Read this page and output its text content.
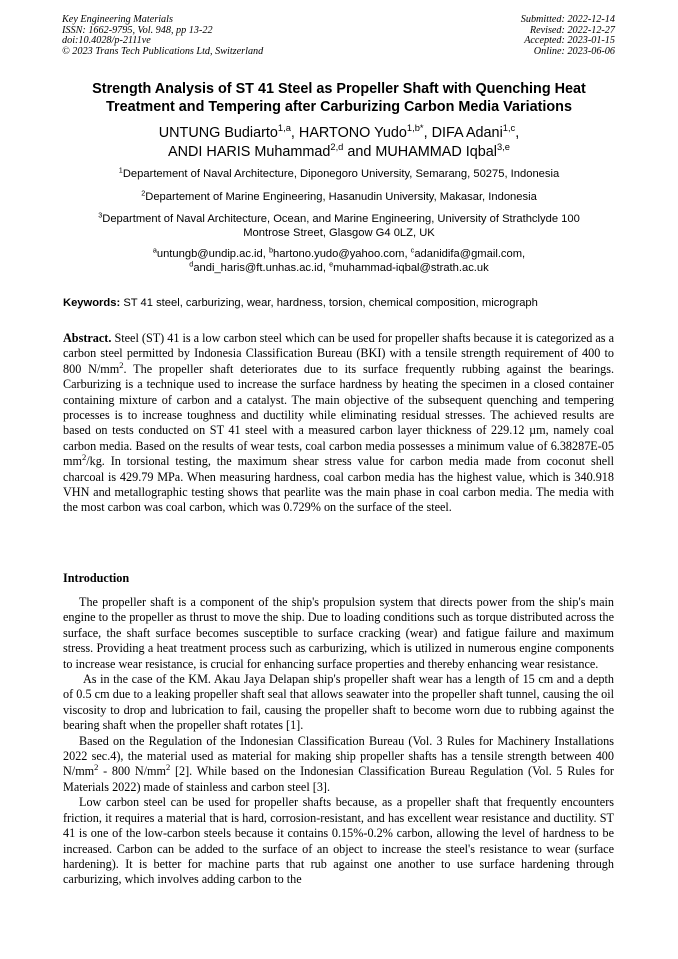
Key Engineering Materials
ISSN: 1662-9795, Vol. 948, pp 13-22
doi:10.4028/p-2111ve
© 2023 Trans Tech Publications Ltd, Switzerland
Submitted: 2022-12-14
Revised: 2022-12-27
Accepted: 2023-01-15
Online: 2023-06-06
Strength Analysis of ST 41 Steel as Propeller Shaft with Quenching Heat
Treatment and Tempering after Carburizing Carbon Media Variations
UNTUNG Budiarto$^{1,a}$, HARTONO Yudo$^{1,b*}$, DIFA Adani$^{1,c}$,
ANDI HARIS Muhammad$^{2,d}$ and MUHAMMAD Iqbal$^{3,e}$
$^1$Departement of Naval Architecture, Diponegoro University, Semarang, 50275, Indonesia
$^2$Departement of Marine Engineering, Hasanudin University, Makasar, Indonesia
$^3$Department of Naval Architecture, Ocean, and Marine Engineering, University of Strathclyde 100
Montrose Street, Glasgow G4 0LZ, UK
$^a$untungb@undip.ac.id, $^b$hartono.yudo@yahoo.com, $^c$adanidifa@gmail.com,
$^d$andi_haris@ft.unhas.ac.id, $^e$muhammad-iqbal@strath.ac.uk
Keywords: ST 41 steel, carburizing, wear, hardness, torsion, chemical composition, micrograph
Abstract. Steel (ST) 41 is a low carbon steel which can be used for propeller shafts because it is categorized as a carbon steel permitted by Indonesia Classification Bureau (BKI) with a tensile strength requirement of 400 to 800 $N/mm^2$. The propeller shaft deteriorates due to its surface frequently rubbing against the bearings. Carburizing is a technique used to increase the surface hardness by heating the specimen in a closed container containing mixture of carbon and a catalyst. The main objective of the subsequent quenching and tempering processes is to increase toughness and ductility while eliminating residual stresses. The achieved results are based on tests conducted on ST 41 steel with a measured carbon layer thickness of 229.12 µm, namely coal carbon media. Based on the results of wear tests, coal carbon media possesses a minimum value of 6.38287E-05 $mm^2/kg$. In torsional testing, the maximum shear stress value for carbon media made from coconut shell charcoal is 429.79 MPa. When measuring hardness, coal carbon media has the highest value, which is 340.918 VHN and metallographic testing shows that pearlite was the main phase in coal carbon media. The media with the most carbon was coal carbon, which was 0.729% on the surface of the steel.
Introduction

The propeller shaft is a component of the ship's propulsion system that directs power from the ship's main engine to the propeller as thrust to move the ship. Due to loading conditions such as torque distributed across the surface, the shaft surface becomes susceptible to surface cracking (wear) and fatigue failure and maximum stress. Providing a heat treatment process such as carburizing, which is utilized in numerous engine components to increase wear resistance, is crucial for enhancing surface properties and thereby enhancing wear resistance.

As in the case of the KM. Akau Jaya Delapan ship's propeller shaft wear has a length of 15 cm and a depth of 0.5 cm due to a leaking propeller shaft seal that allows seawater into the propeller shaft tunnel, causing the oil viscosity to drop and lubrication to fail, causing the propeller shaft to become worn due to rubbing against the bearing shaft when the propeller shaft rotates [1].

Based on the Regulation of the Indonesian Classification Bureau (Vol. 3 Rules for Machinery Installations 2022 sec.4), the material used as material for making ship propeller shafts has a tensile strength between 400 $N/mm^2 - 800$ $N/mm^2$ [2]. While based on the Indonesian Classification Bureau Regulation (Vol. 5 Rules for Materials 2022) made of stainless and carbon steel [3].

Low carbon steel can be used for propeller shafts because, as a propeller shaft that frequently encounters friction, it requires a material that is hard, corrosion-resistant, and has excellent wear resistance and ductility. ST 41 is one of the low-carbon steels because it contains 0.15%-0.2% carbon, allowing the level of hardness to be increased. Carbon can be added to the surface of an object to increase the steel's resistance to wear (surface hardening). It is better for machine parts that rub against one another to use surface hardening through carburizing, which involves adding carbon to the
